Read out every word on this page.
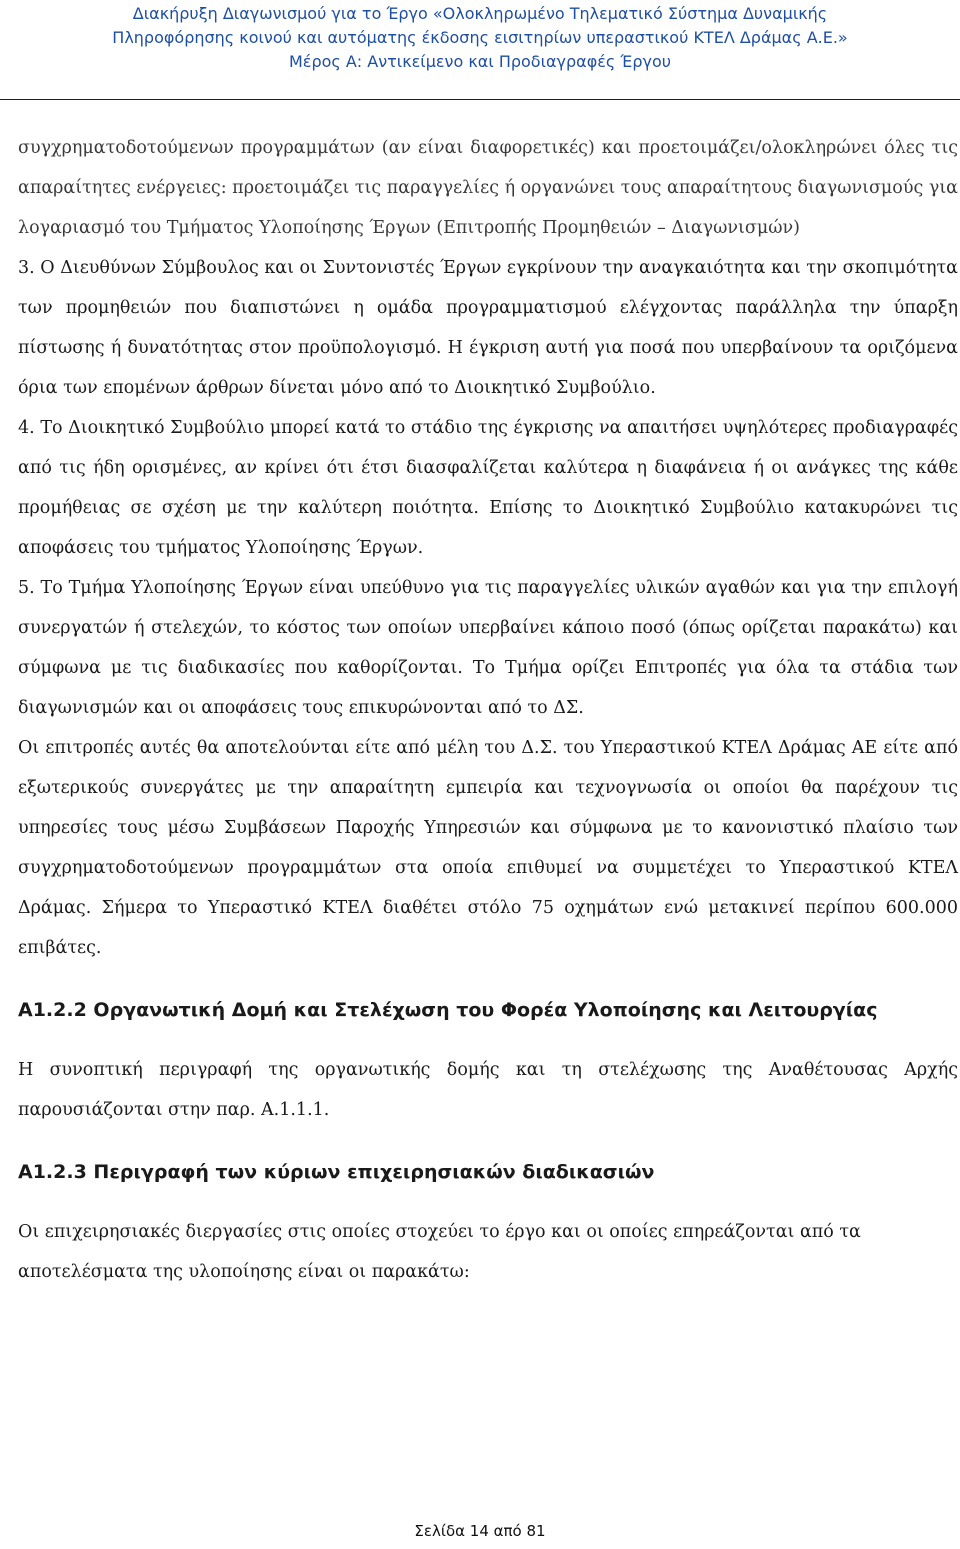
Διακήρυξη Διαγωνισμού για το Έργο «Ολοκληρωμένο Τηλεματικό Σύστημα Δυναμικής
Πληροφόρησης κοινού και αυτόματης έκδοσης εισιτηρίων υπεραστικού ΚΤΕΛ Δράμας Α.Ε.»
Μέρος Α: Αντικείμενο και Προδιαγραφές Έργου

συγχρηματοδοτούμενων προγραμμάτων (αν είναι διαφορετικές) και προετοιμάζει/ολοκληρώνει όλες τις απαραίτητες ενέργειες: προετοιμάζει τις παραγγελίες ή οργανώνει τους απαραίτητους διαγωνισμούς για λογαριασμό του Τμήματος Υλοποίησης Έργων (Επιτροπής Προμηθειών – Διαγωνισμών)

3. Ο Διευθύνων Σύμβουλος και οι Συντονιστές Έργων εγκρίνουν την αναγκαιότητα και την σκοπιμότητα των προμηθειών που διαπιστώνει η ομάδα προγραμματισμού ελέγχοντας παράλληλα την ύπαρξη πίστωσης ή δυνατότητας στον προϋπολογισμό. Η έγκριση αυτή για ποσά που υπερβαίνουν τα οριζόμενα όρια των επομένων άρθρων δίνεται μόνο από το Διοικητικό Συμβούλιο.

4. Το Διοικητικό Συμβούλιο μπορεί κατά το στάδιο της έγκρισης να απαιτήσει υψηλότερες προδιαγραφές από τις ήδη ορισμένες, αν κρίνει ότι έτσι διασφαλίζεται καλύτερα η διαφάνεια ή οι ανάγκες της κάθε προμήθειας σε σχέση με την καλύτερη ποιότητα. Επίσης το Διοικητικό Συμβούλιο κατακυρώνει τις αποφάσεις του τμήματος Υλοποίησης Έργων.

5. Το Τμήμα Υλοποίησης Έργων είναι υπεύθυνο για τις παραγγελίες υλικών αγαθών και για την επιλογή συνεργατών ή στελεχών, το κόστος των οποίων υπερβαίνει κάποιο ποσό (όπως ορίζεται παρακάτω) και σύμφωνα με τις διαδικασίες που καθορίζονται. Το Τμήμα ορίζει Επιτροπές για όλα τα στάδια των διαγωνισμών και οι αποφάσεις τους επικυρώνονται από το ΔΣ.

Οι επιτροπές αυτές θα αποτελούνται είτε από μέλη του Δ.Σ. του Υπεραστικού ΚΤΕΛ Δράμας ΑΕ είτε από εξωτερικούς συνεργάτες με την απαραίτητη εμπειρία και τεχνογνωσία οι οποίοι θα παρέχουν τις υπηρεσίες τους μέσω Συμβάσεων Παροχής Υπηρεσιών και σύμφωνα με το κανονιστικό πλαίσιο των συγχρηματοδοτούμενων προγραμμάτων στα οποία επιθυμεί να συμμετέχει το Υπεραστικού ΚΤΕΛ Δράμας. Σήμερα το Υπεραστικό ΚΤΕΛ διαθέτει στόλο 75 οχημάτων ενώ μετακινεί περίπου 600.000 επιβάτες.

Α1.2.2 Οργανωτική Δομή και Στελέχωση του Φορέα Υλοποίησης και Λειτουργίας

Η συνοπτική περιγραφή της οργανωτικής δομής και τη στελέχωσης της Αναθέτουσας Αρχής παρουσιάζονται στην παρ. Α.1.1.1.

Α1.2.3 Περιγραφή των κύριων επιχειρησιακών διαδικασιών

Οι επιχειρησιακές διεργασίες στις οποίες στοχεύει το έργο και οι οποίες επηρεάζονται από τα αποτελέσματα της υλοποίησης είναι οι παρακάτω:

Σελίδα 14 από 81
